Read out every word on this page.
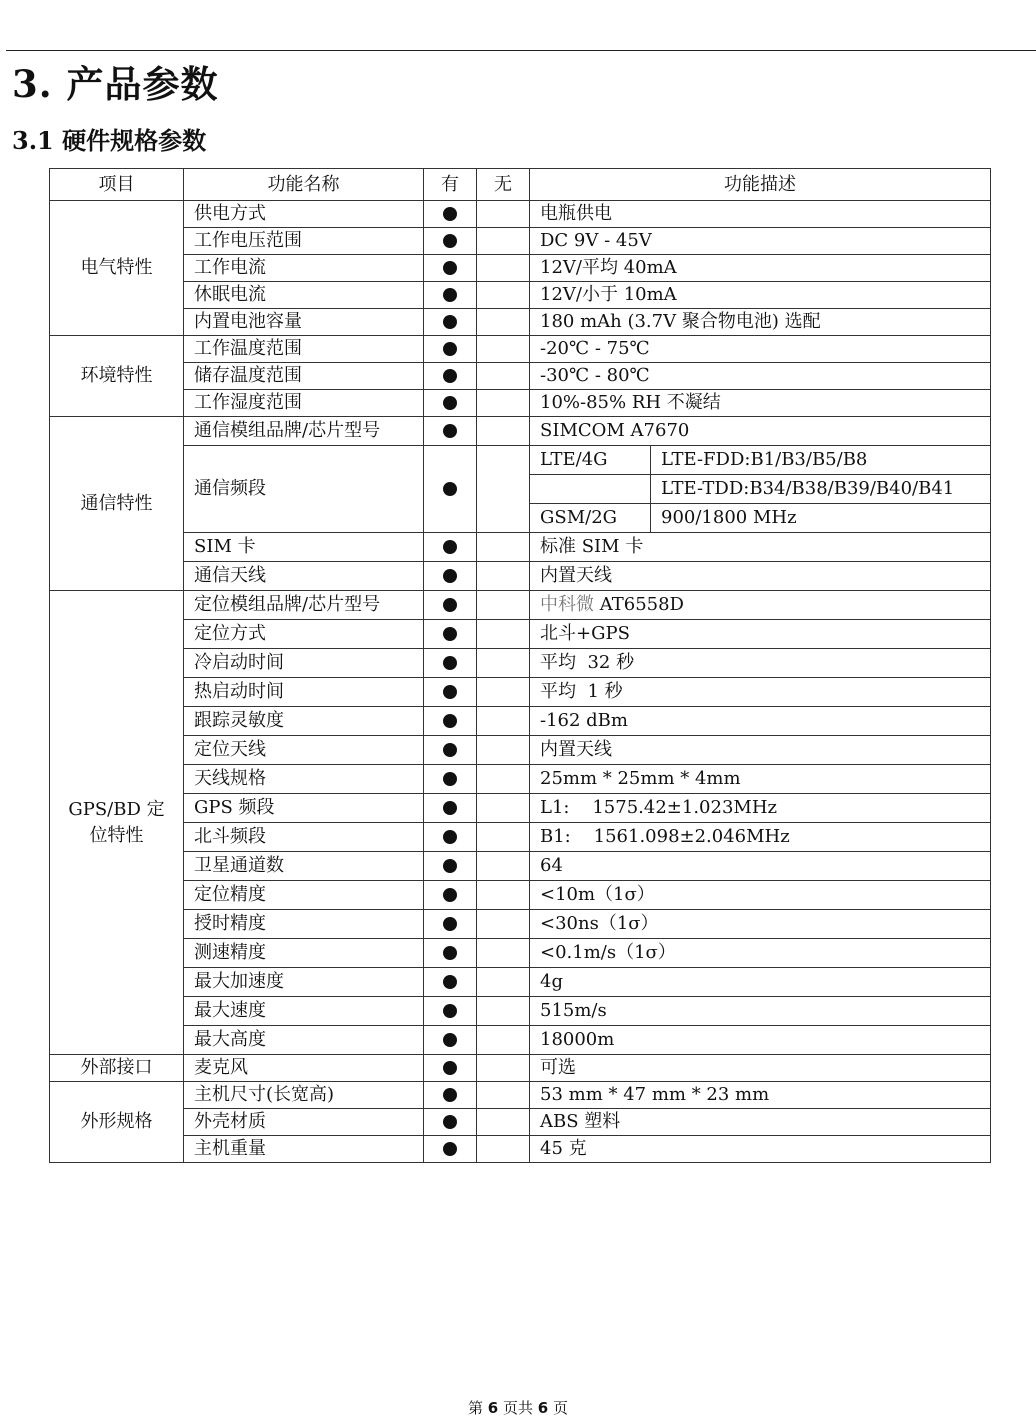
3. 产品参数
3.1 硬件规格参数
项目	功能名称	有	无	功能描述	
电气特性	供电方式			电瓶供电	
	工作电压范围			DC 9V - 45V	
	工作电流			12V/平均 40mA	
	休眠电流			12V/小于 10mA	
	内置电池容量			180 mAh (3.7V 聚合物电池) 选配	
环境特性	工作温度范围			-20℃ - 75℃	
	储存温度范围			-30℃ - 80℃	
	工作湿度范围			10%-85% RH 不凝结	
通信特性	通信模组品牌/芯片型号			SIMCOM A7670	
	通信频段			LTE/4G	LTE-FDD:B1/B3/B5/B8
					LTE-TDD:B34/B38/B39/B40/B41
				GSM/2G	900/1800 MHz
	SIM 卡			标准 SIM 卡	
	通信天线			内置天线	
GPS/BD 定
位特性	定位模组品牌/芯片型号			中科微 AT6558D	
	定位方式			北斗+GPS	
	冷启动时间			平均  32 秒	
	热启动时间			平均  1 秒	
	跟踪灵敏度			-162 dBm	
	定位天线			内置天线	
	天线规格			25mm * 25mm * 4mm	
	GPS 频段			L1:    1575.42±1.023MHz	
	北斗频段			B1:    1561.098±2.046MHz	
	卫星通道数			64	
	定位精度			<10m（1σ）	
	授时精度			<30ns（1σ）	
	测速精度			<0.1m/s（1σ）	
	最大加速度			4g	
	最大速度			515m/s	
	最大高度			18000m	
外部接口	麦克风			可选	
外形规格	主机尺寸(长宽高)			53 mm * 47 mm * 23 mm	
	外壳材质			ABS 塑料	
	主机重量			45 克	
第 6 页共 6 页
